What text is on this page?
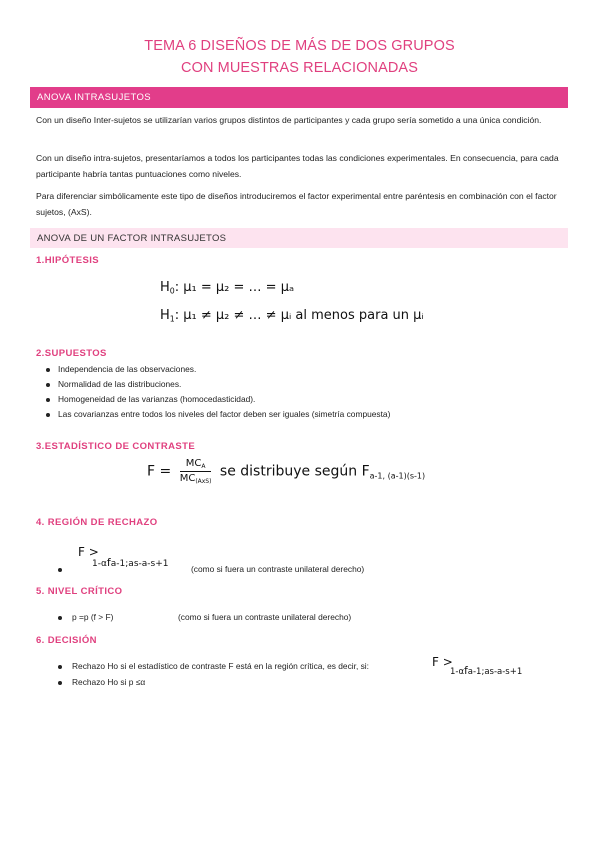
TEMA 6 DISEÑOS DE MÁS DE DOS GRUPOS
CON MUESTRAS RELACIONADAS
ANOVA INTRASUJETOS
Con un diseño Inter-sujetos se utilizarían varios grupos distintos de participantes y cada grupo sería sometido a una única condición.
Con un diseño intra-sujetos, presentaríamos a todos los participantes todas las condiciones experimentales. En consecuencia, para cada participante habría tantas puntuaciones como niveles.
Para diferenciar simbólicamente este tipo de diseños introduciremos el factor experimental entre paréntesis en combinación con el factor sujetos, (AxS).
ANOVA DE UN FACTOR INTRASUJETOS
1.HIPÓTESIS
$H_0$: μ₁ = μ₂ = … = μₐ
$H_1$: μ₁ ≠ μ₂ ≠ … ≠ μᵢ al menos para un μᵢ
2.SUPUESTOS
Independencia de las observaciones.
Normalidad de las distribuciones.
Homogeneidad de las varianzas (homocedasticidad).
Las covarianzas entre todos los niveles del factor deben ser iguales (simetría compuesta)
3.ESTADÍSTICO DE CONTRASTE
$F = \frac{MC_A}{MC_{(AxS)}}$ se distribuye según $F_{a-1, (a-1)(s-1)}$
4. REGIÓN DE RECHAZO
F >
1-αfa-1;as-a-s+1	(como si fuera un contraste unilateral derecho)
5. NIVEL CRÍTICO
p =p (f > F)	(como si fuera un contraste unilateral derecho)
6. DECISIÓN
Rechazo Ho si el estadístico de contraste F está en la región crítica, es decir, si:	F >
1-αfa-1;as-a-s+1
Rechazo Ho si p ≤α
